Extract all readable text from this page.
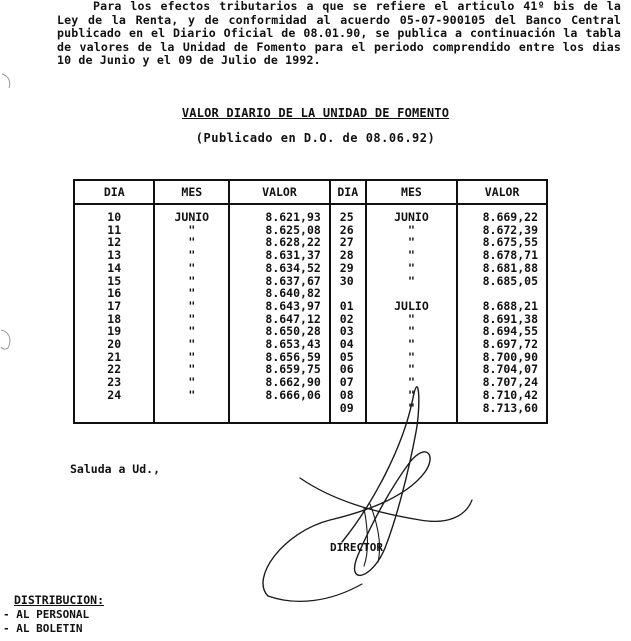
Para los efectos tributarios a que se refiere el articulo 41º bis de la Ley de la Renta, y de conformidad al acuerdo 05-07-900105 del Banco Central publicado en el Diario Oficial de 08.01.90, se publica a continuación la tabla de valores de la Unidad de Fomento para el periodo comprendido entre los dias 10 de Junio y el 09 de Julio de 1992.

VALOR DIARIO DE LA UNIDAD DE FOMENTO

(Publicado en D.O. de 08.06.92)

DIA	MES	VALOR	DIA	MES	VALOR
10	JUNIO	8.621,93	25	JUNIO	8.669,22
11	"	8.625,08	26	"	8.672,39
12	"	8.628,22	27	"	8.675,55
13	"	8.631,37	28	"	8.678,71
14	"	8.634,52	29	"	8.681,88
15	"	8.637,67	30	"	8.685,05
16	"	8.640,82			
17	"	8.643,97	01	JULIO	8.688,21
18	"	8.647,12	02	"	8.691,38
19	"	8.650,28	03	"	8.694,55
20	"	8.653,43	04	"	8.697,72
21	"	8.656,59	05	"	8.700,90
22	"	8.659,75	06	"	8.704,07
23	"	8.662,90	07	"	8.707,24
24	"	8.666,06	08	"	8.710,42
			09	"	8.713,60

Saluda a Ud.,

DIRECTOR

DISTRIBUCION:

- AL PERSONAL
- AL BOLETIN
